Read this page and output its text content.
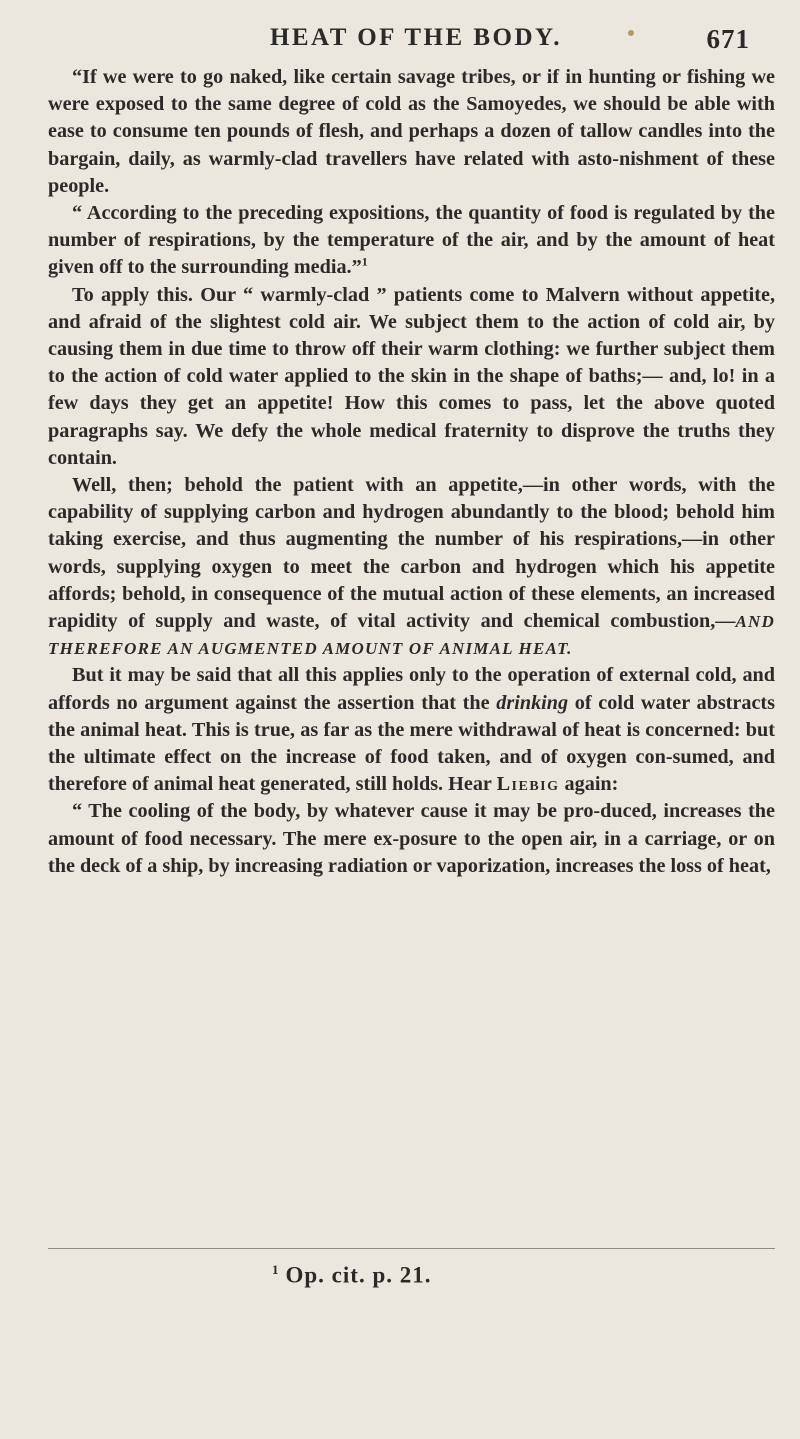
HEAT OF THE BODY.	671

“If we were to go naked, like certain savage tribes, or if in hunting or fishing we were exposed to the same degree of cold as the Samoyedes, we should be able with ease to consume ten pounds of flesh, and perhaps a dozen of tallow candles into the bargain, daily, as warmly-clad travellers have related with asto-nishment of these people.

“ According to the preceding expositions, the quantity of food is regulated by the number of respirations, by the temperature of the air, and by the amount of heat given off to the surrounding media.”$^1$

To apply this. Our “ warmly-clad ” patients come to Malvern without appetite, and afraid of the slightest cold air. We subject them to the action of cold air, by causing them in due time to throw off their warm clothing: we further subject them to the action of cold water applied to the skin in the shape of baths;— and, lo! in a few days they get an appetite! How this comes to pass, let the above quoted paragraphs say. We defy the whole medical fraternity to disprove the truths they contain.

Well, then; behold the patient with an appetite,—in other words, with the capability of supplying carbon and hydrogen abundantly to the blood; behold him taking exercise, and thus augmenting the number of his respirations,—in other words, supplying oxygen to meet the carbon and hydrogen which his appetite affords; behold, in consequence of the mutual action of these elements, an increased rapidity of supply and waste, of vital activity and chemical combustion,—AND THEREFORE AN AUGMENTED AMOUNT OF ANIMAL HEAT.

But it may be said that all this applies only to the operation of external cold, and affords no argument against the assertion that the drinking of cold water abstracts the animal heat. This is true, as far as the mere withdrawal of heat is concerned: but the ultimate effect on the increase of food taken, and of oxygen con-sumed, and therefore of animal heat generated, still holds. Hear Liebig again:

“ The cooling of the body, by whatever cause it may be pro-duced, increases the amount of food necessary. The mere ex-posure to the open air, in a carriage, or on the deck of a ship, by increasing radiation or vaporization, increases the loss of heat,

$^1$ Op. cit. p. 21.
